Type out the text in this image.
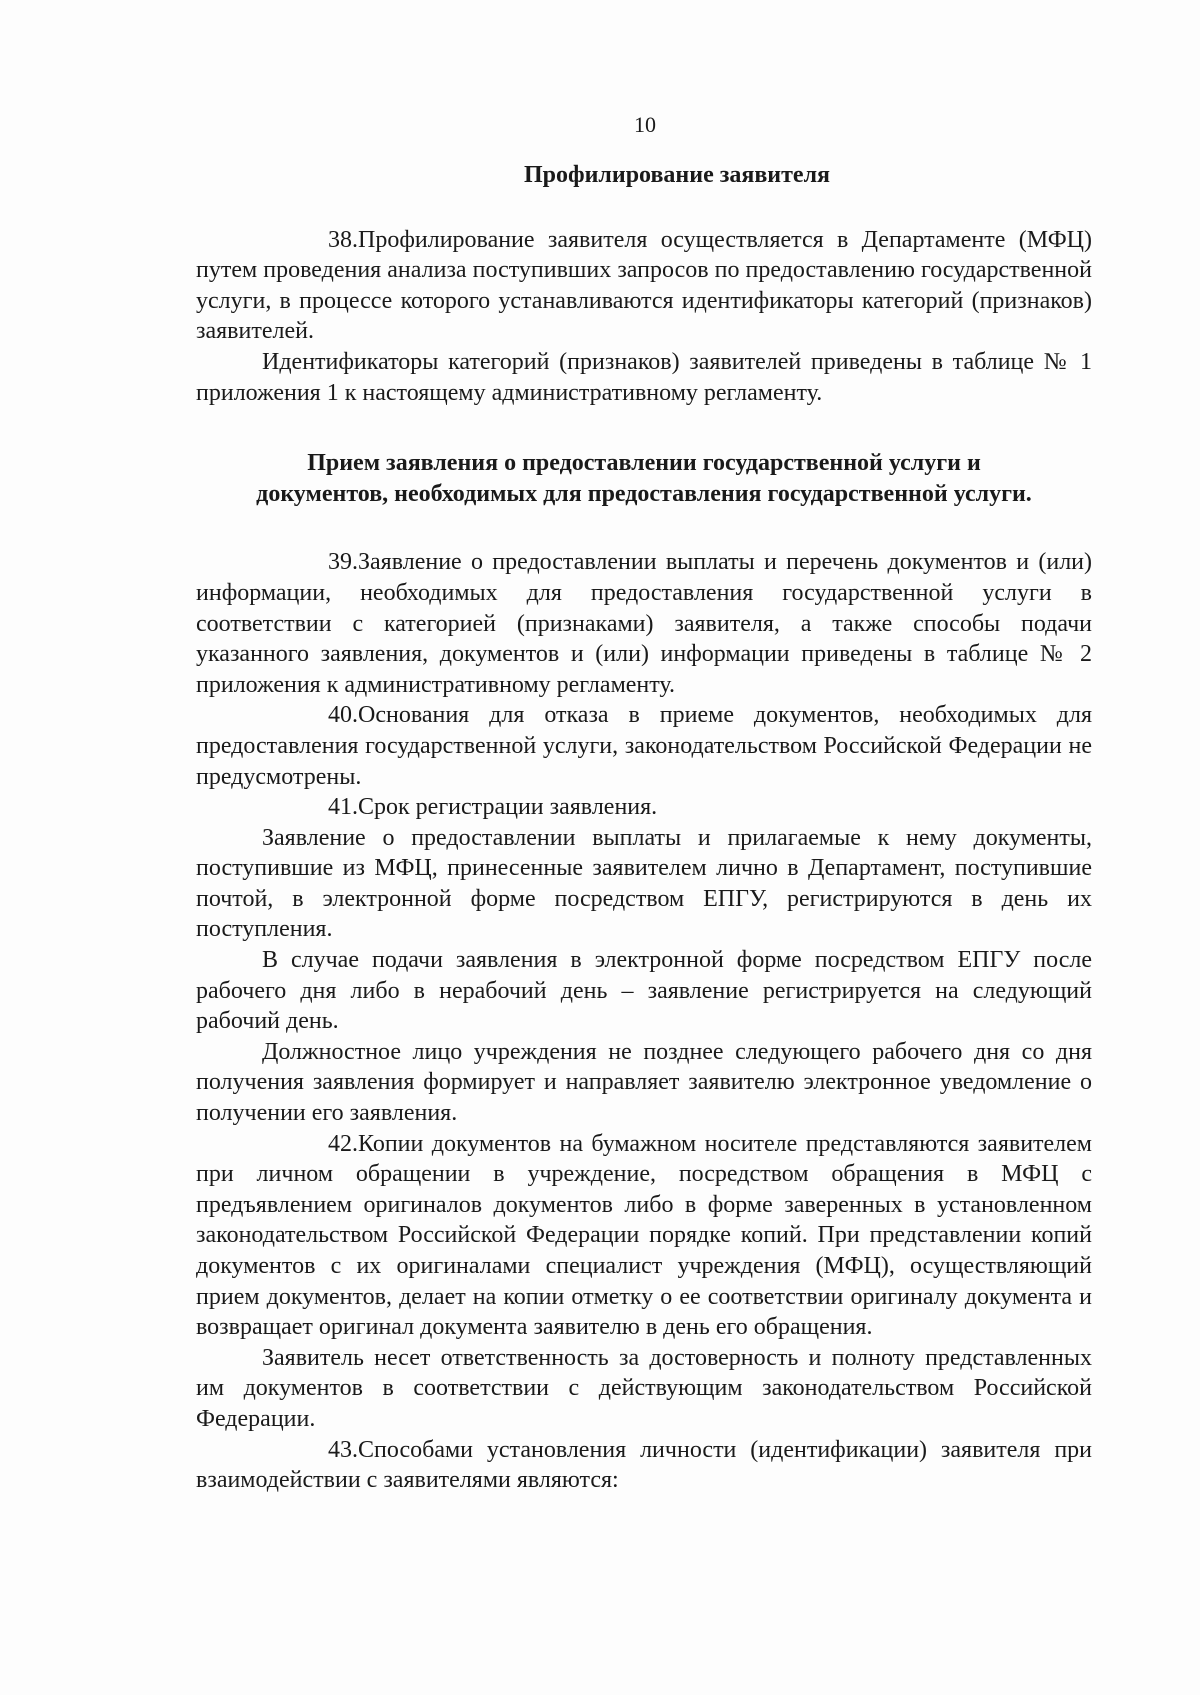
10
Профилирование заявителя

38.Профилирование заявителя осуществляется в Департаменте (МФЦ) путем проведения анализа поступивших запросов по предоставлению государственной услуги, в процессе которого устанавливаются идентификаторы категорий (признаков) заявителей.

Идентификаторы категорий (признаков) заявителей приведены в таблице № 1 приложения 1 к настоящему административному регламенту.

Прием заявления о предоставлении государственной услуги и
документов, необходимых для предоставления государственной услуги.

39.Заявление о предоставлении выплаты и перечень документов и (или) информации, необходимых для предоставления государственной услуги в соответствии с категорией (признаками) заявителя, а также способы подачи указанного заявления, документов и (или) информации приведены в таблице № 2 приложения к административному регламенту.

40.Основания для отказа в приеме документов, необходимых для предоставления государственной услуги, законодательством Российской Федерации не предусмотрены.

41.Срок регистрации заявления.

Заявление о предоставлении выплаты и прилагаемые к нему документы, поступившие из МФЦ, принесенные заявителем лично в Департамент, поступившие почтой, в электронной форме посредством ЕПГУ, регистрируются в день их поступления.

В случае подачи заявления в электронной форме посредством ЕПГУ после рабочего дня либо в нерабочий день – заявление регистрируется на следующий рабочий день.

Должностное лицо учреждения не позднее следующего рабочего дня со дня получения заявления формирует и направляет заявителю электронное уведомление о получении его заявления.

42.Копии документов на бумажном носителе представляются заявителем при личном обращении в учреждение, посредством обращения в МФЦ с предъявлением оригиналов документов либо в форме заверенных в установленном законодательством Российской Федерации порядке копий. При представлении копий документов с их оригиналами специалист учреждения (МФЦ), осуществляющий прием документов, делает на копии отметку о ее соответствии оригиналу документа и возвращает оригинал документа заявителю в день его обращения.

Заявитель несет ответственность за достоверность и полноту представленных им документов в соответствии с действующим законодательством Российской Федерации.

43.Способами установления личности (идентификации) заявителя при взаимодействии с заявителями являются:
